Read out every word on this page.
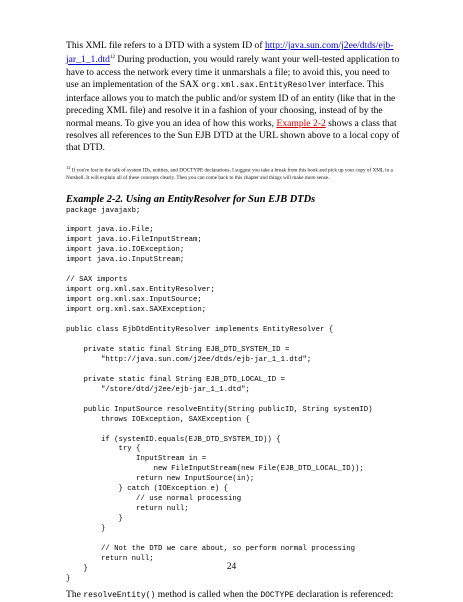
This XML file refers to a DTD with a system ID of http://java.sun.com/j2ee/dtds/ejb-jar_1_1.dtd$^{12}$ During production, you would rarely want your well-tested application to have to access the network every time it unmarshals a file; to avoid this, you need to use an implementation of the SAX org.xml.sax.EntityResolver interface. This interface allows you to match the public and/or system ID of an entity (like that in the preceding XML file) and resolve it in a fashion of your choosing, instead of by the normal means. To give you an idea of how this works, Example 2-2 shows a class that resolves all references to the Sun EJB DTD at the URL shown above to a local copy of that DTD.

$^{12}$ If you're lost in the talk of system IDs, entities, and DOCTYPE declarations, I suggest you take a break from this book and pick up your copy of XML in a Nutshell. It will explain all of these concepts clearly. Then you can come back to this chapter and things will make more sense.

Example 2-2. Using an EntityResolver for Sun EJB DTDs
package javajaxb;

import java.io.File;
import java.io.FileInputStream;
import java.io.IOException;
import java.io.InputStream;

// SAX imports
import org.xml.sax.EntityResolver;
import org.xml.sax.InputSource;
import org.xml.sax.SAXException;

public class EjbDtdEntityResolver implements EntityResolver {

private static final String EJB_DTD_SYSTEM_ID =
"http://java.sun.com/j2ee/dtds/ejb-jar_1_1.dtd";

private static final String EJB_DTD_LOCAL_ID =
"/store/dtd/j2ee/ejb-jar_1_1.dtd";

public InputSource resolveEntity(String publicID, String systemID)
throws IOException, SAXException {

if (systemID.equals(EJB_DTD_SYSTEM_ID)) {
try {
InputStream in =
new FileInputStream(new File(EJB_DTD_LOCAL_ID));
return new InputSource(in);
} catch (IOException e) {
// use normal processing
return null;
}
}

// Not the DTD we care about, so perform normal processing
return null;
}
}

The resolveEntity() method is called when the DOCTYPE declaration is referenced:

24
